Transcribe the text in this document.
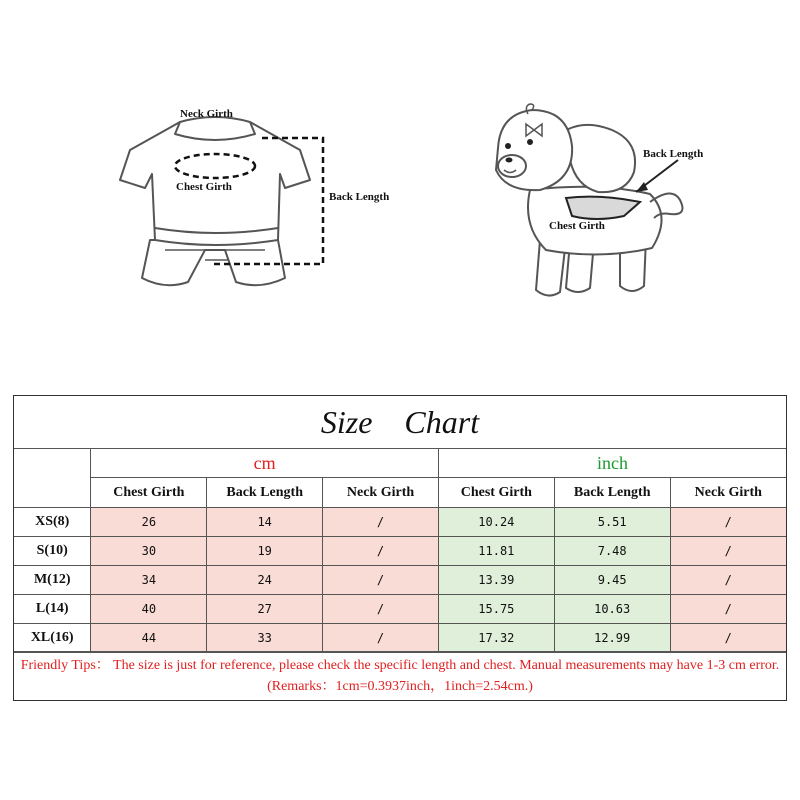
Neck Girth
Chest Girth
Back Length
Back Length
Chest Girth
Size    Chart
	cm			inch		
	Chest Girth	Back Length	Neck Girth	Chest Girth	Back Length	Neck Girth
XS(8)	26	14	/	10.24	5.51	/
S(10)	30	19	/	11.81	7.48	/
M(12)	34	24	/	13.39	9.45	/
L(14)	40	27	/	15.75	10.63	/
XL(16)	44	33	/	17.32	12.99	/
Friendly Tips： The size is just for reference, please check the specific length and chest. Manual measurements may have 1-3 cm error. (Remarks：1cm=0.3937inch，1inch=2.54cm.)
